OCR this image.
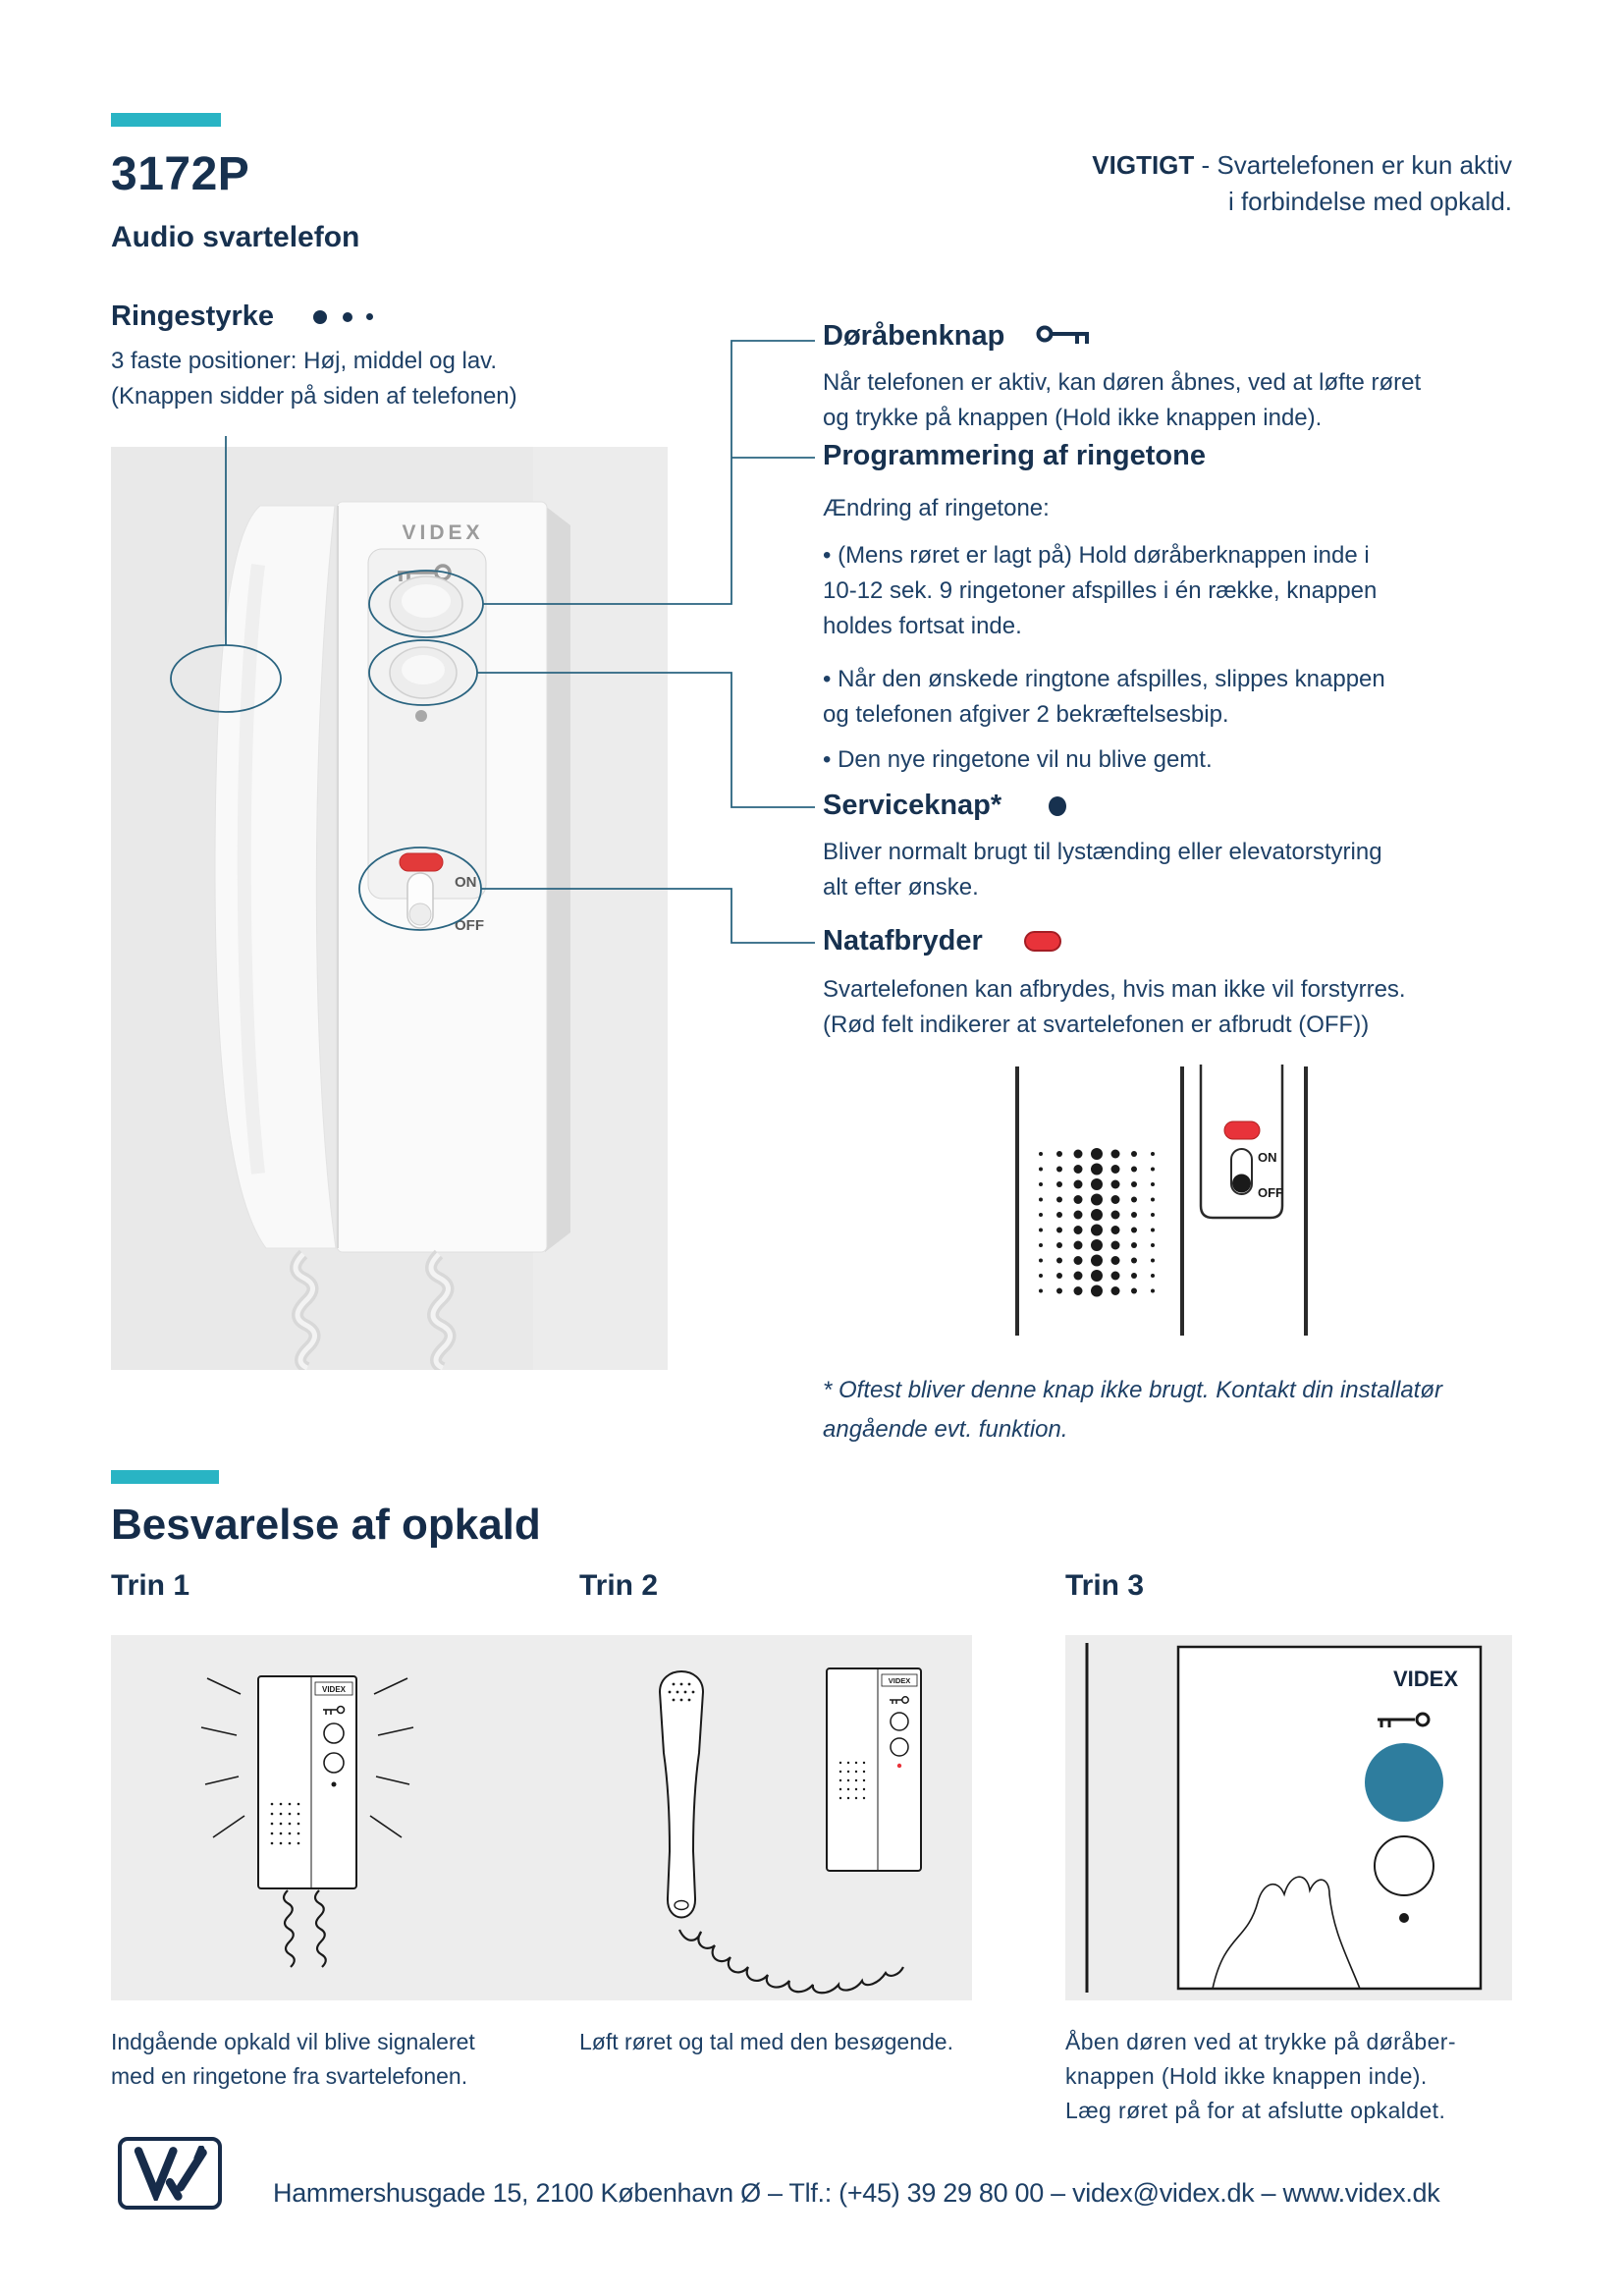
3172P
Audio svartelefon
VIGTIGT - Svartelefonen er kun aktiv
i forbindelse med opkald.
Ringestyrke
3 faste positioner: Høj, middel og lav.
(Knappen sidder på siden af telefonen)
VIDEX
ON
OFF
Døråbenknap
Når telefonen er aktiv, kan døren åbnes, ved at løfte røret
og trykke på knappen (Hold ikke knappen inde).
Programmering af ringetone
Ændring af ringetone:
• (Mens røret er lagt på) Hold døråberknappen inde i
10-12 sek. 9 ringetoner afspilles i én række, knappen
holdes fortsat inde.
• Når den ønskede ringtone afspilles, slippes knappen
og telefonen afgiver 2 bekræftelsesbip.
• Den nye ringetone vil nu blive gemt.
Serviceknap*
Bliver normalt brugt til lystænding eller elevatorstyring
alt efter ønske.
Natafbryder
Svartelefonen kan afbrydes, hvis man ikke vil forstyrres.
(Rød felt indikerer at svartelefonen er afbrudt (OFF))
ON
OFF
* Oftest bliver denne knap ikke brugt. Kontakt din installatør
angående evt. funktion.
Besvarelse af opkald
Trin 1	Trin 2	Trin 3
VIDEX
VIDEX	VIDEX
Indgående opkald vil blive signaleret
med en ringetone fra svartelefonen.
Løft røret og tal med den besøgende.	Åben døren ved at trykke på døråber-
knappen (Hold ikke knappen inde).
Læg røret på for at afslutte opkaldet.
Hammershusgade 15, 2100 København Ø – Tlf.: (+45) 39 29 80 00 – videx@videx.dk – www.videx.dk
